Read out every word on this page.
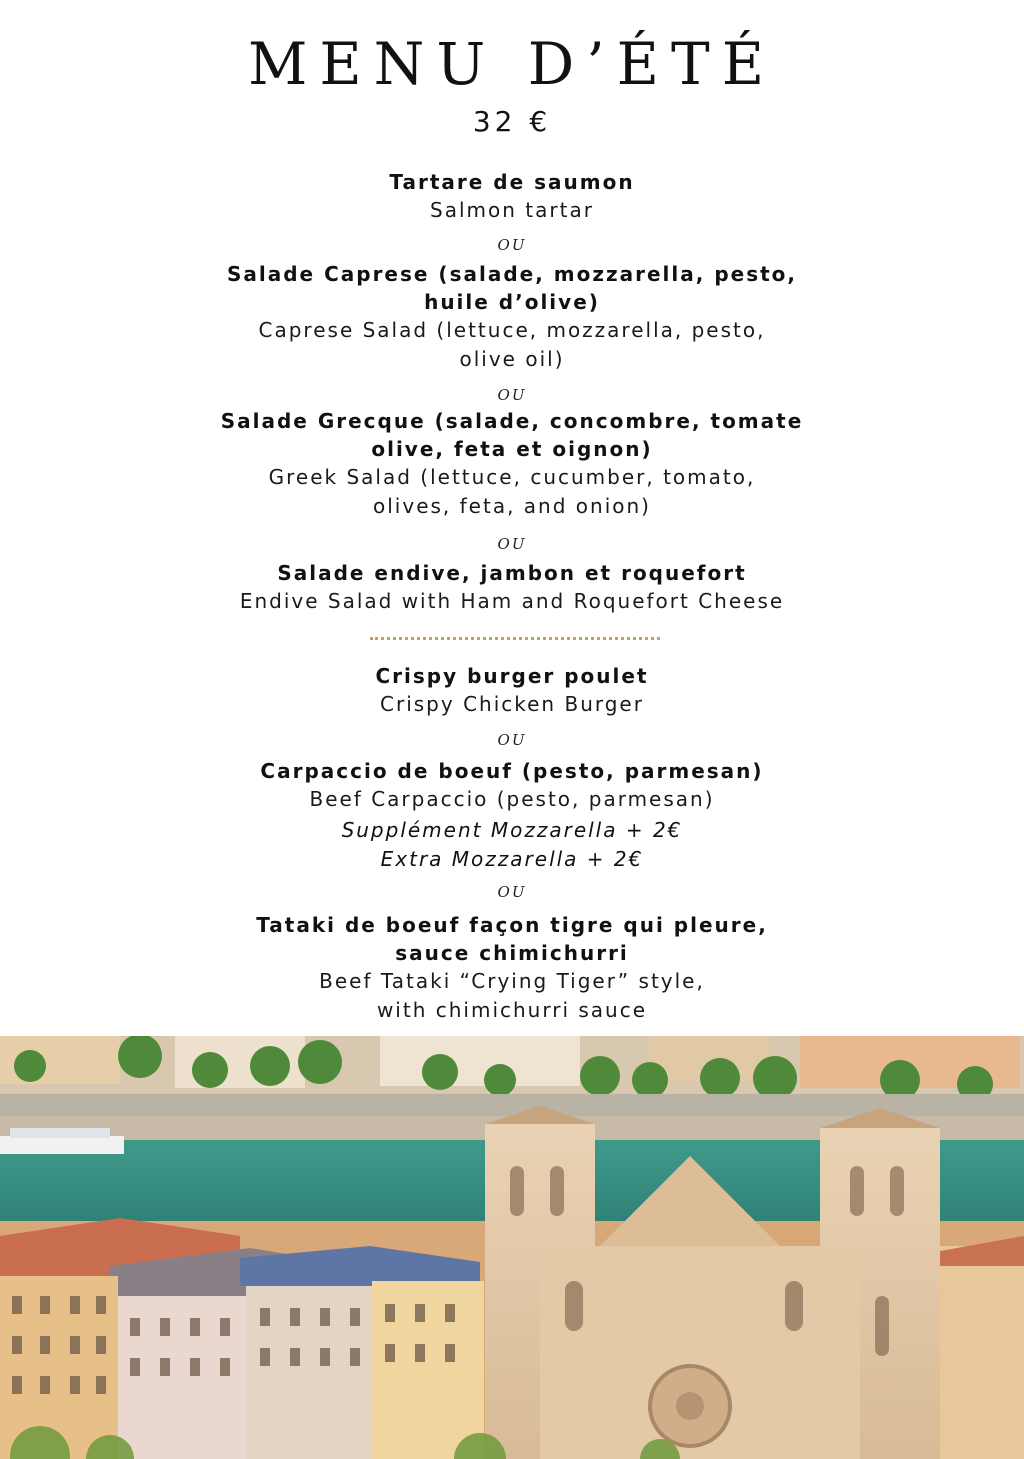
MENU D’ÉTÉ
32 €
Tartare de saumon
Salmon tartar
OU
Salade Caprese (salade, mozzarella, pesto,
huile d’olive)
Caprese Salad (lettuce, mozzarella, pesto,
olive oil)
OU
Salade Grecque (salade, concombre, tomate
olive, feta et oignon)
Greek Salad (lettuce, cucumber, tomato,
olives, feta, and onion)
OU
Salade endive, jambon et roquefort
Endive Salad with Ham and Roquefort Cheese
Crispy burger poulet
Crispy Chicken Burger
OU
Carpaccio de boeuf (pesto, parmesan)
Beef Carpaccio (pesto, parmesan)
Supplément Mozzarella + 2€
Extra Mozzarella + 2€
OU
Tataki de boeuf façon tigre qui pleure,
sauce chimichurri
Beef Tataki “Crying Tiger” style,
with chimichurri sauce
